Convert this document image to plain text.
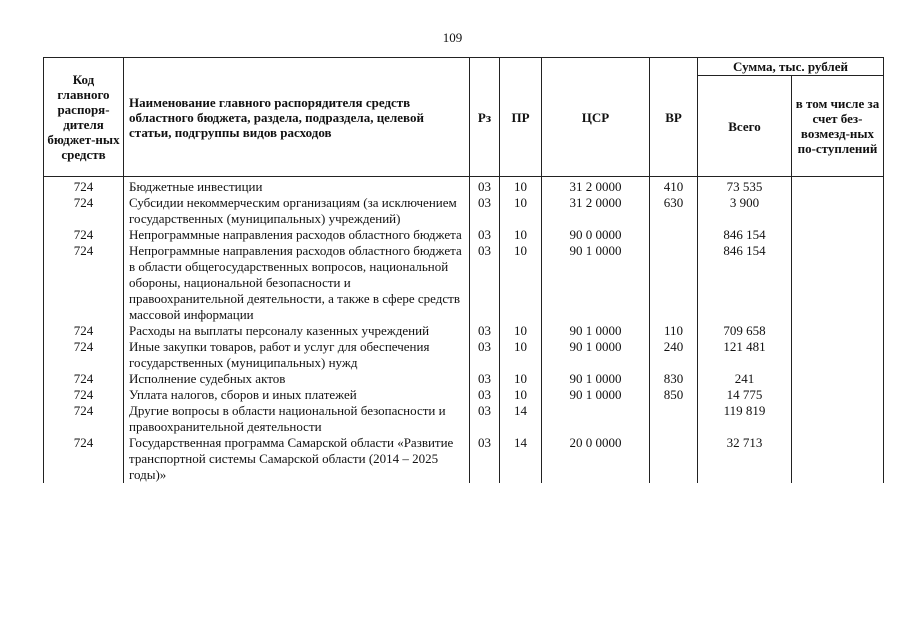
109
Код главного распоря-дителя бюджет-ных средств	Наименование главного распорядителя средств областного бюджета, раздела, подраздела, целевой статьи, подгруппы видов расходов	Рз	ПР	ЦСР	ВР	Сумма, тыс. рублей	
						Всего	в том числе за счет без-возмезд-ных по-ступлений

724	Бюджетные инвестиции	03	10	31 2 0000	410	73 535	
724	Субсидии некоммерческим организациям (за исключением государственных (муниципальных) учреждений)	03	10	31 2 0000	630	3 900	
724	Непрограммные направления расходов областного бюджета	03	10	90 0 0000		846 154	
724	Непрограммные направления расходов областного бюджета в области общегосударственных вопросов, национальной обороны, национальной безопасности и правоохранительной деятельности, а также в сфере средств массовой информации	03	10	90 1 0000		846 154	
724	Расходы на выплаты персоналу казенных учреждений	03	10	90 1 0000	110	709 658	
724	Иные закупки товаров, работ и услуг для обеспечения государственных (муниципальных) нужд	03	10	90 1 0000	240	121 481	
724	Исполнение судебных актов	03	10	90 1 0000	830	241	
724	Уплата налогов, сборов и иных платежей	03	10	90 1 0000	850	14 775	
724	Другие вопросы в области национальной безопасности и правоохранительной деятельности	03	14			119 819	
724	Государственная программа Самарской области «Развитие транспортной системы Самарской области (2014 – 2025 годы)»	03	14	20 0 0000		32 713	
